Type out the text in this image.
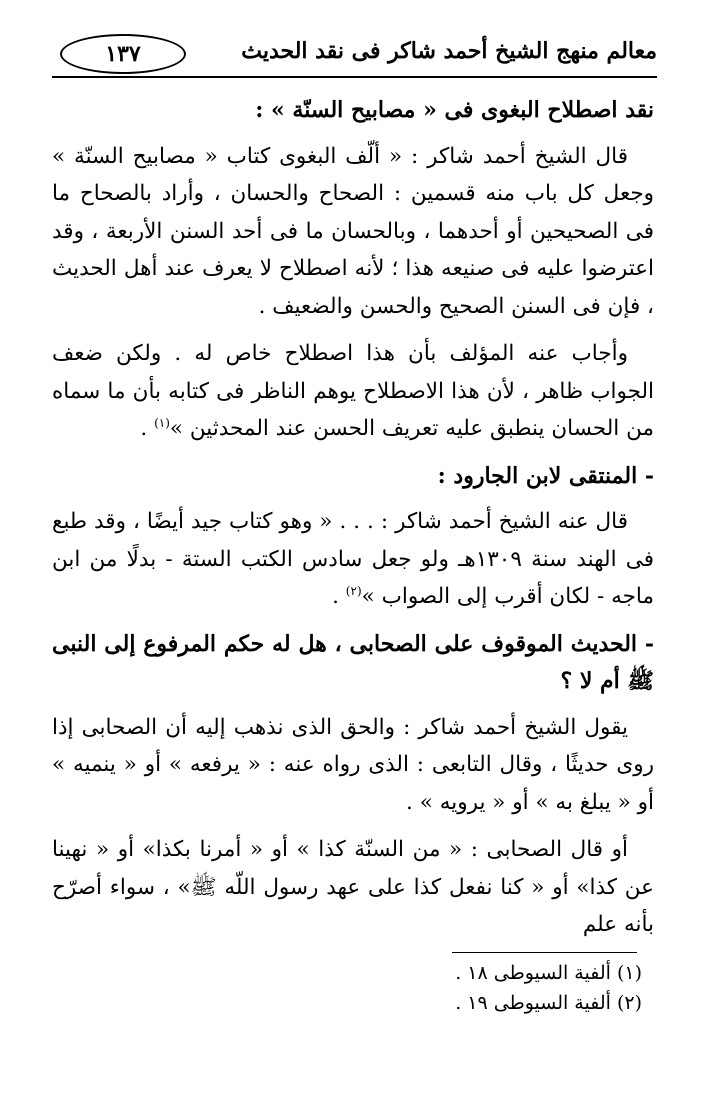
معالم منهج الشيخ أحمد شاكر فى نقد الحديث
١٣٧
نقد اصطلاح البغوى فى « مصابيح السنّة » :

قال الشيخ أحمد شاكر : « ألّف البغوى كتاب « مصابيح السنّة » وجعل كل باب منه قسمين : الصحاح والحسان ، وأراد بالصحاح ما فى الصحيحين أو أحدهما ، وبالحسان ما فى أحد السنن الأربعة ، وقد اعترضوا عليه فى صنيعه هذا ؛ لأنه اصطلاح لا يعرف عند أهل الحديث ، فإن فى السنن الصحيح والحسن والضعيف .

وأجاب عنه المؤلف بأن هذا اصطلاح خاص له . ولكن ضعف الجواب ظاهر ، لأن هذا الاصطلاح يوهم الناظر فى كتابه بأن ما سماه من الحسان ينطبق عليه تعريف الحسن عند المحدثين »$^{(١)}$ .

- المنتقى لابن الجارود :

قال عنه الشيخ أحمد شاكر : . . . « وهو كتاب جيد أيضًا ، وقد طبع فى الهند سنة ١٣٠٩هـ ولو جعل سادس الكتب الستة - بدلًا من ابن ماجه - لكان أقرب إلى الصواب »$^{(٢)}$ .

- الحديث الموقوف على الصحابى ، هل له حكم المرفوع إلى النبى ﷺ أم لا ؟

يقول الشيخ أحمد شاكر : والحق الذى نذهب إليه أن الصحابى إذا روى حديثًا ، وقال التابعى : الذى رواه عنه : « يرفعه » أو « ينميه » أو « يبلغ به » أو « يرويه » .

أو قال الصحابى : « من السنّة كذا » أو « أمرنا بكذا» أو « نهينا عن كذا» أو « كنا نفعل كذا على عهد رسول اللّه ﷺ» ، سواء أصرّح بأنه علم

(١) ألفية السيوطى ١٨ .

(٢) ألفية السيوطى ١٩ .
